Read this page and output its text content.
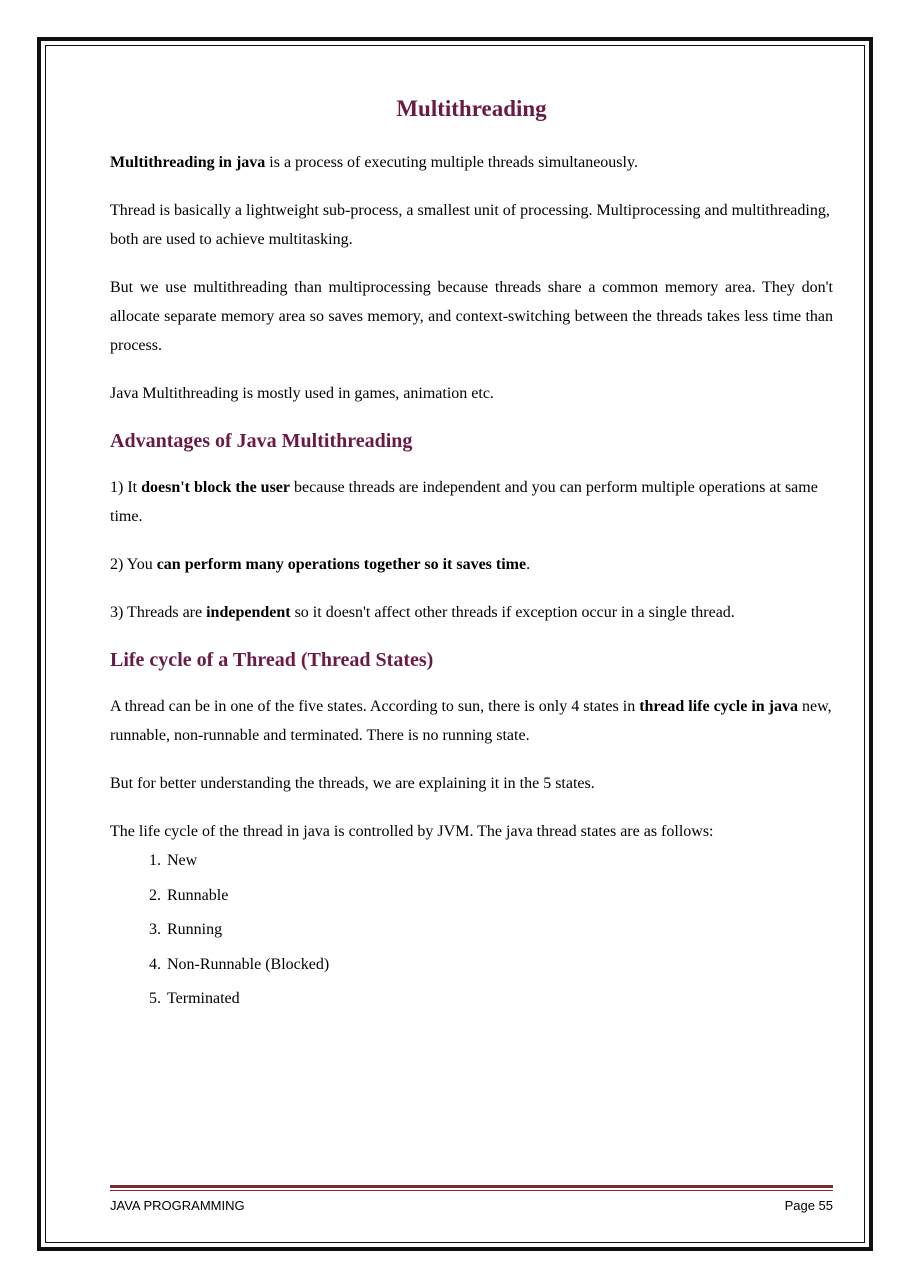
Multithreading

Multithreading in java is a process of executing multiple threads simultaneously.

Thread is basically a lightweight sub-process, a smallest unit of processing. Multiprocessing and multithreading, both are used to achieve multitasking.

But we use multithreading than multiprocessing because threads share a common memory area. They don't allocate separate memory area so saves memory, and context-switching between the threads takes less time than process.

Java Multithreading is mostly used in games, animation etc.

Advantages of Java Multithreading

1) It doesn't block the user because threads are independent and you can perform multiple operations at same time.

2) You can perform many operations together so it saves time.

3) Threads are independent so it doesn't affect other threads if exception occur in a single thread.

Life cycle of a Thread (Thread States)

A thread can be in one of the five states. According to sun, there is only 4 states in thread life cycle in java new, runnable, non-runnable and terminated. There is no running state.

But for better understanding the threads, we are explaining it in the 5 states.

The life cycle of the thread in java is controlled by JVM. The java thread states are as follows:

1. New
2. Runnable
3. Running
4. Non-Runnable (Blocked)
5. Terminated
JAVA PROGRAMMING	Page 55
